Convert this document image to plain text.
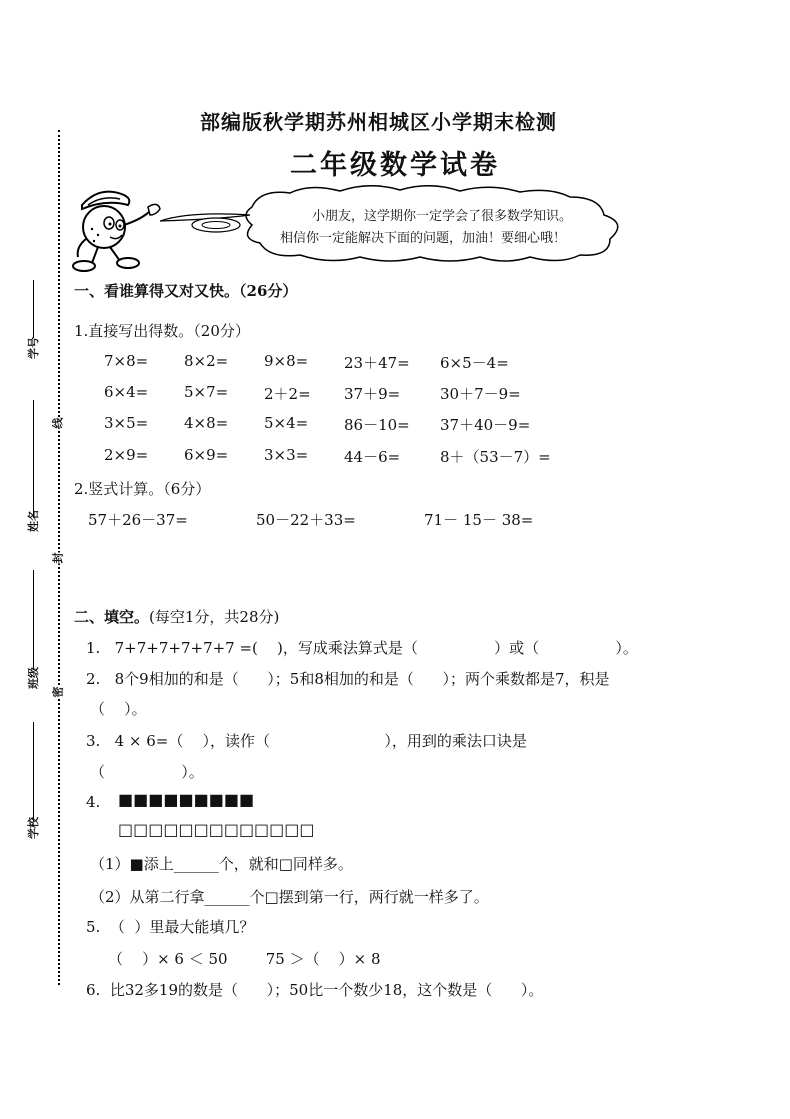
部编版秋学期苏州相城区小学期末检测
二年级数学试卷
小朋友，这学期你一定学会了很多数学知识。
相信你一定能解决下面的问题，加油！要细心哦！
学号
姓名
班级
学校
线
封
密
一、看谁算得又对又快。（26分）
1.直接写出得数。（20分）
7×8= 8×2= 9×8= 23＋47= 6×5－4=
6×4= 5×7= 2＋2= 37＋9=	30＋7－9=
3×5= 4×8= 5×4= 86－10= 37＋40－9=
2×9= 6×9= 3×3= 44－6=	8＋（53－7）=
2.竖式计算。（6分）
57＋26－37=	50－22＋33=	71－ 15－ 38=
二、填空。(每空1分，共28分)
1.   7+7+7+7+7+7 =(    )，写成乘法算式是（                ）或（                ）。
2.   8个9相加的和是（      ）；5和8相加的和是（      ）；两个乘数都是7，积是
（    ）。
3.   4 × 6=（    ），读作（                        ），用到的乘法口诀是
（                ）。
4. ■■■■■■■■■
□□□□□□□□□□□□□
（1）■添上______个，就和□同样多。
（2）从第二行拿______个□摆到第一行，两行就一样多了。
5.  （  ）里最大能填几？
（    ）× 6 ＜ 50        75 ＞（    ）× 8
6.  比32多19的数是（      ）；50比一个数少18，这个数是（      ）。
